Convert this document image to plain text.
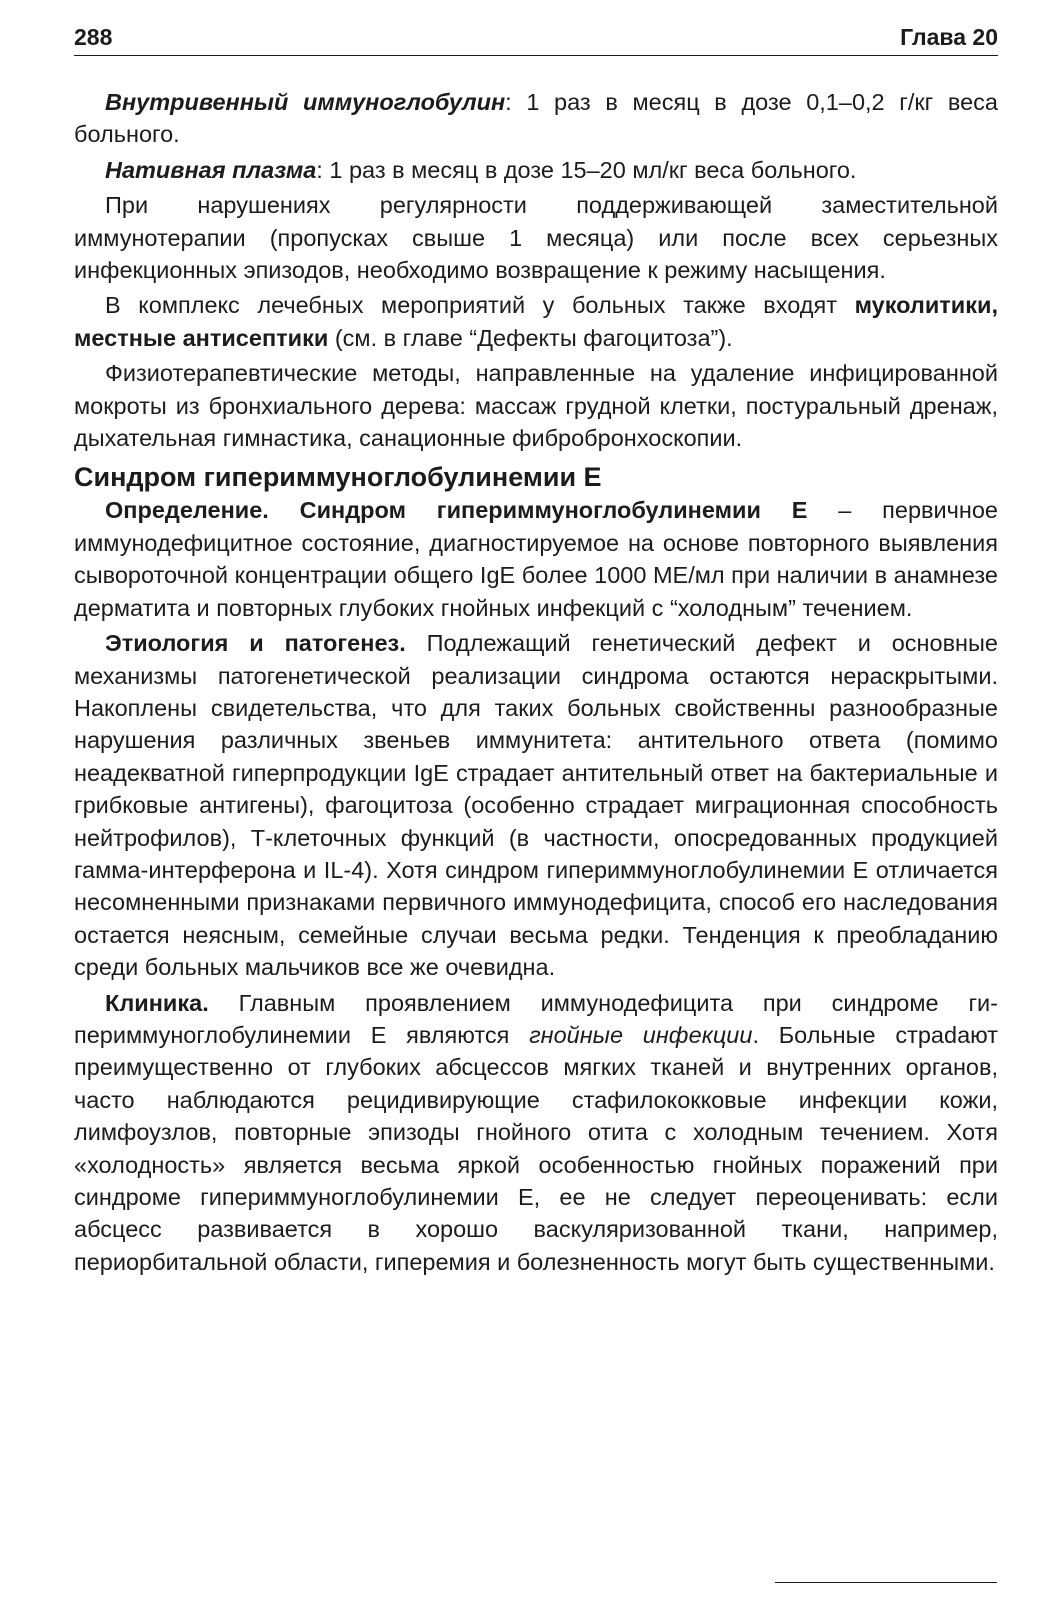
288	Глава 20

Внутривенный иммуноглобулин: 1 раз в месяц в дозе 0,1–0,2 г/кг веса больного.

Нативная плазма: 1 раз в месяц в дозе 15–20 мл/кг веса больного.

При нарушениях регулярности поддерживающей заместительной иммунотерапии (пропусках свыше 1 месяца) или после всех серьезных инфекционных эпизодов, необходимо возвращение к режиму насыщения.

В комплекс лечебных мероприятий у больных также входят муколитики, местные антисептики (см. в главе “Дефекты фагоцитоза”).

Физиотерапевтические методы, направленные на удаление инфицированной мокроты из бронхиального дерева: массаж грудной клетки, постуральный дренаж, дыхательная гимнастика, санационные фибробронхоскопии.

Синдром гипериммуноглобулинемии Е

Определение. Синдром гипериммуноглобулинемии Е – первичное иммунодефицитное состояние, диагностируемое на основе повторного выявления сывороточной концентрации общего IgE более 1000 МЕ/мл при наличии в анамнезе дерматита и повторных глубоких гнойных инфекций с “холодным” течением.

Этиология и патогенез. Подлежащий генетический дефект и основные механизмы патогенетической реализации синдрома остаются нераскрытыми. Накоплены свидетельства, что для таких больных свойственны разнообразные нарушения различных звеньев иммунитета: антительного ответа (помимо неадекватной гиперпродукции IgE страдает антительный ответ на бактериальные и грибковые антигены), фагоцитоза (особенно страдает миграционная способность нейтрофилов), Т-клеточных функций (в частности, опосредованных продукцией гамма-интерферона и IL-4). Хотя синдром гипериммуноглобулинемии Е отличается несомненными признаками первичного иммунодефицита, способ его наследования остается неясным, семейные случаи весьма редки. Тенденция к преобладанию среди больных мальчиков все же очевидна.

Клиника. Главным проявлением иммунодефицита при синдроме гипериммуноглобулинемии Е являются гнойные инфекции. Больные страdают преимущественно от глубоких абсцессов мягких тканей и внутренних органов, часто наблюдаются рецидивирующие стафилококковые инфекции кожи, лимфоузлов, повторные эпизоды гнойного отита с холодным течением. Хотя «холодность» является весьма яркой особенностью гнойных поражений при синдроме гипериммуноглобулинемии Е, ее не следует переоценивать: если абсцесс развивается в хорошо васкуляризованной ткани, например, периорбитальной области, гиперемия и болезненность могут быть существенными.
